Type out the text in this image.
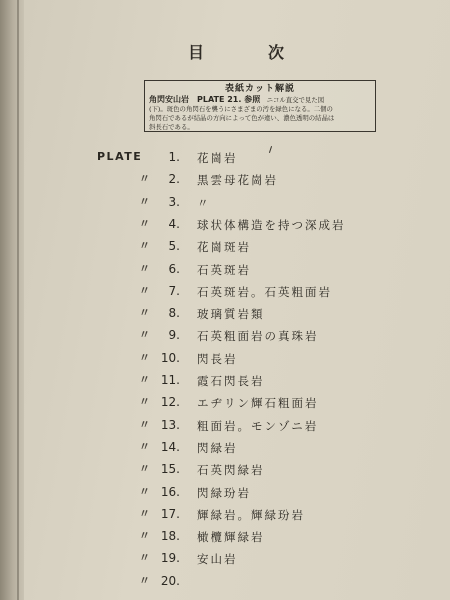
目　次
表紙カット解説
角閃安山岩　PLATE 21. 参照　 ニコル直交で見た図
(下)。斑色の角閃石を襲うにさまざまの汚を緑色になる。二個の
角閃石であるが結晶の方向によって色が違い、濃色透明の結晶は
斜長石である。
PLATE	1. 花崗岩
〃	2. 黒雲母花崗岩
〃	3. 〃
〃	4. 球状体構造を持つ深成岩
〃	5. 花崗斑岩
〃	6. 石英斑岩
〃	7. 石英斑岩。石英粗面岩
〃	8. 玻璃質岩類
〃	9. 石英粗面岩の真珠岩
〃 10. 閃長岩
〃 11. 霞石閃長岩
〃 12. エヂリン輝石粗面岩
〃 13. 粗面岩。モンゾニ岩
〃 14. 閃緑岩
〃 15. 石英閃緑岩
〃 16. 閃緑玢岩
〃 17. 輝緑岩。輝緑玢岩
〃 18. 橄欖輝緑岩
〃 19. 安山岩
〃 20.
